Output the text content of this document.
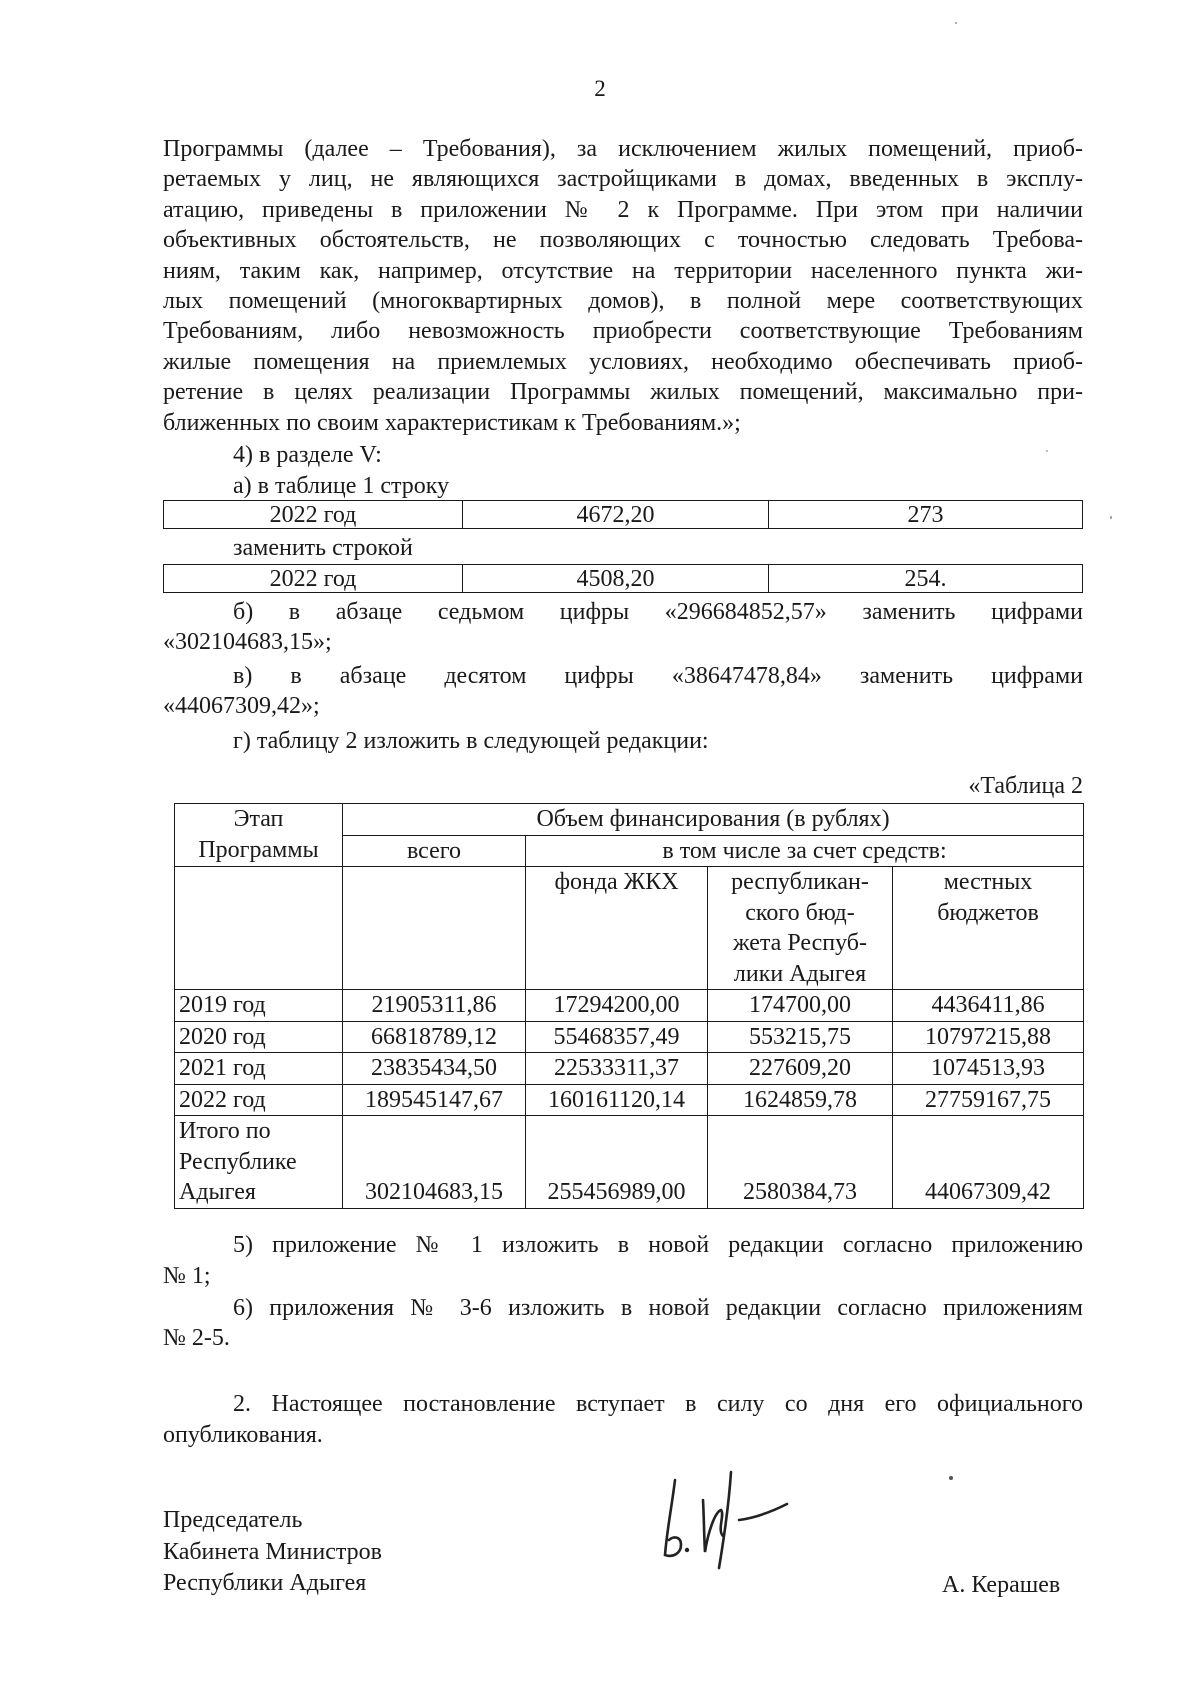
2
Программы (далее – Требования), за исключением жилых помещений, приоб-
ретаемых у лиц, не являющихся застройщиками в домах, введенных в эксплу-
атацию, приведены в приложении № 2 к Программе. При этом при наличии
объективных обстоятельств, не позволяющих с точностью следовать Требова-
ниям, таким как, например, отсутствие на территории населенного пункта жи-
лых помещений (многоквартирных домов), в полной мере соответствующих
Требованиям, либо невозможность приобрести соответствующие Требованиям
жилые помещения на приемлемых условиях, необходимо обеспечивать приоб-
ретение в целях реализации Программы жилых помещений, максимально при-
ближенных по своим характеристикам к Требованиям.»;
4) в разделе V:
а) в таблице 1 строку
2022 год	4672,20	273
заменить строкой
2022 год	4508,20	254.
б) в абзаце седьмом цифры «296684852,57» заменить цифрами
«302104683,15»;
в) в абзаце десятом цифры «38647478,84» заменить цифрами
«44067309,42»;
г) таблицу 2 изложить в следующей редакции:
«Таблица 2
Этап Программы	Объем финансирования (в рублях)			
	всего	в том числе за счет средств:		
		фонда ЖКХ	республикан-ского бюд-жета Респуб-лики Адыгея	местных бюджетов
2019 год	21905311,86	17294200,00	174700,00	4436411,86
2020 год	66818789,12	55468357,49	553215,75	10797215,88
2021 год	23835434,50	22533311,37	227609,20	1074513,93
2022 год	189545147,67	160161120,14	1624859,78	27759167,75
Итого по Республике Адыгея	302104683,15	255456989,00	2580384,73	44067309,42
5) приложение № 1 изложить в новой редакции согласно приложению
№ 1;
6) приложения № 3-6 изложить в новой редакции согласно приложениям
№ 2-5.
2. Настоящее постановление вступает в силу со дня его официального
опубликования.
Председатель
Кабинета Министров
Республики Адыгея	А. Керашев
